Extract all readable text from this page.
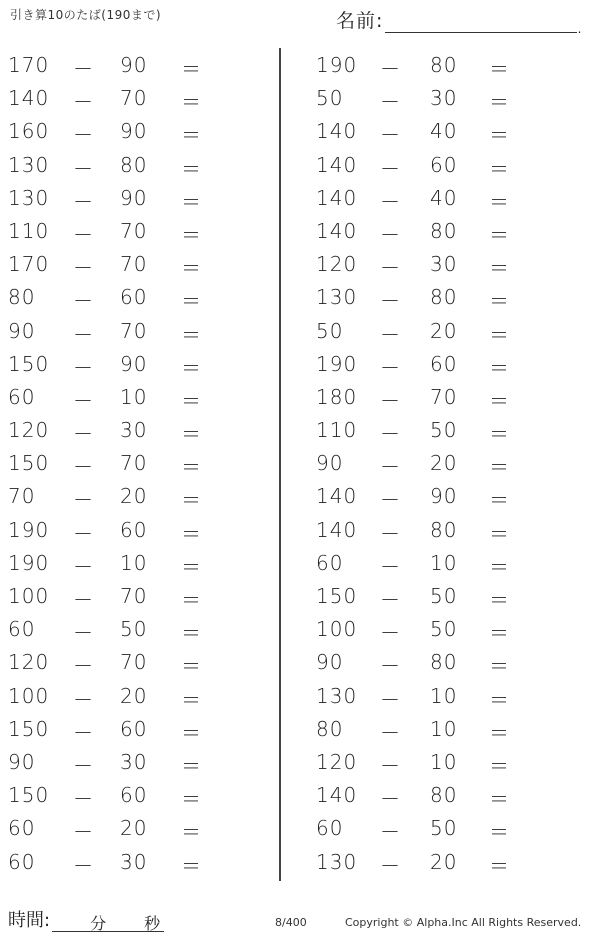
引き算10のたば(190まで)	名前:	.
170 － 90 ＝
140 － 70 ＝
160 － 90 ＝
130 － 80 ＝
130 － 90 ＝
110 － 70 ＝
170 － 70 ＝
80 － 60 ＝
90 － 70 ＝
150 － 90 ＝
60 － 10 ＝
120 － 30 ＝
150 － 70 ＝
70 － 20 ＝
190 － 60 ＝
190 － 10 ＝
100 － 70 ＝
60 － 50 ＝
120 － 70 ＝
100 － 20 ＝
150 － 60 ＝
90 － 30 ＝
150 － 60 ＝
60 － 20 ＝
60 － 30 ＝
190 － 80 ＝
50 － 30 ＝
140 － 40 ＝
140 － 60 ＝
140 － 40 ＝
140 － 80 ＝
120 － 30 ＝
130 － 80 ＝
50 － 20 ＝
190 － 60 ＝
180 － 70 ＝
110 － 50 ＝
90 － 20 ＝
140 － 90 ＝
140 － 80 ＝
60 － 10 ＝
150 － 50 ＝
100 － 50 ＝
90 － 80 ＝
130 － 10 ＝
80 － 10 ＝
120 － 10 ＝
140 － 80 ＝
60 － 50 ＝
130 － 20 ＝
時間:	分 秒	8/400	Copyright © Alpha.Inc All Rights Reserved.
